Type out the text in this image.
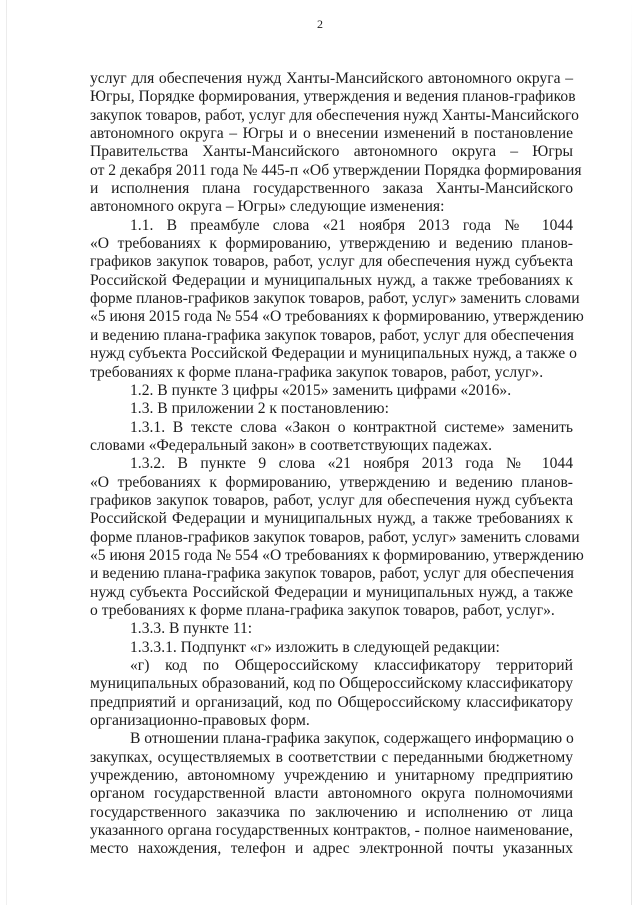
2
услуг для обеспечения нужд Ханты-Мансийского автономного округа –
Югры, Порядке формирования, утверждения и ведения планов-графиков
закупок товаров, работ, услуг для обеспечения нужд Ханты-Мансийского
автономного округа – Югры и о внесении изменений в постановление
Правительства Ханты-Мансийского автономного округа – Югры
от 2 декабря 2011 года № 445-п «Об утверждении Порядка формирования
и исполнения плана государственного заказа Ханты-Мансийского
автономного округа – Югры» следующие изменения:
1.1. В преамбуле слова «21 ноября 2013 года № 1044
«О требованиях к формированию, утверждению и ведению планов-
графиков закупок товаров, работ, услуг для обеспечения нужд субъекта
Российской Федерации и муниципальных нужд, а также требованиях к
форме планов-графиков закупок товаров, работ, услуг» заменить словами
«5 июня 2015 года № 554 «О требованиях к формированию, утверждению
и ведению плана-графика закупок товаров, работ, услуг для обеспечения
нужд субъекта Российской Федерации и муниципальных нужд, а также о
требованиях к форме плана-графика закупок товаров, работ, услуг».
1.2. В пункте 3 цифры «2015» заменить цифрами «2016».
1.3. В приложении 2 к постановлению:
1.3.1. В тексте слова «Закон о контрактной системе» заменить
словами «Федеральный закон» в соответствующих падежах.
1.3.2. В пункте 9 слова «21 ноября 2013 года № 1044
«О требованиях к формированию, утверждению и ведению планов-
графиков закупок товаров, работ, услуг для обеспечения нужд субъекта
Российской Федерации и муниципальных нужд, а также требованиях к
форме планов-графиков закупок товаров, работ, услуг» заменить словами
«5 июня 2015 года № 554 «О требованиях к формированию, утверждению
и ведению плана-графика закупок товаров, работ, услуг для обеспечения
нужд субъекта Российской Федерации и муниципальных нужд, а также
о требованиях к форме плана-графика закупок товаров, работ, услуг».
1.3.3. В пункте 11:
1.3.3.1. Подпункт «г» изложить в следующей редакции:
«г) код по Общероссийскому классификатору территорий
муниципальных образований, код по Общероссийскому классификатору
предприятий и организаций, код по Общероссийскому классификатору
организационно-правовых форм.
В отношении плана-графика закупок, содержащего информацию о
закупках, осуществляемых в соответствии с переданными бюджетному
учреждению, автономному учреждению и унитарному предприятию
органом государственной власти автономного округа полномочиями
государственного заказчика по заключению и исполнению от лица
указанного органа государственных контрактов, - полное наименование,
место нахождения, телефон и адрес электронной почты указанных
